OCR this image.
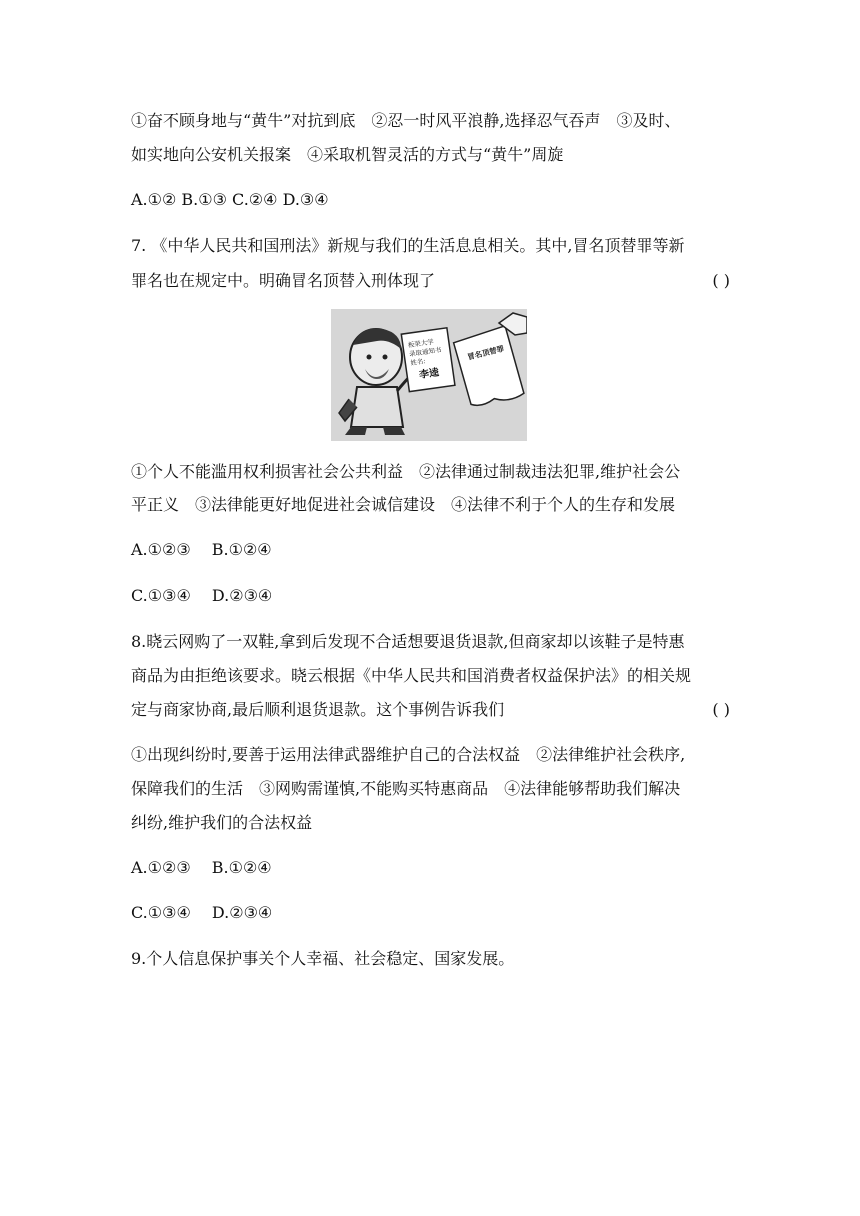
①奋不顾身地与“黄牛”对抗到底　②忍一时风平浪静,选择忍气吞声　③及时、
如实地向公安机关报案　④采取机智灵活的方式与“黄牛”周旋
A.①② B.①③ C.②④ D.③④
7. 《中华人民共和国刑法》新规与我们的生活息息相关。其中,冒名顶替罪等新
罪名也在规定中。明确冒名顶替入刑体现了	( )
板荣大学
录取通知书
姓名:
李逵
冒名顶替罪
①个人不能滥用权利损害社会公共利益　②法律通过制裁违法犯罪,维护社会公
平正义　③法律能更好地促进社会诚信建设　④法律不利于个人的生存和发展
A.①②③　 B.①②④
C.①③④　 D.②③④
8.晓云网购了一双鞋,拿到后发现不合适想要退货退款,但商家却以该鞋子是特惠
商品为由拒绝该要求。晓云根据《中华人民共和国消费者权益保护法》的相关规
定与商家协商,最后顺利退货退款。这个事例告诉我们	( )
①出现纠纷时,要善于运用法律武器维护自己的合法权益　②法律维护社会秩序,
保障我们的生活　③网购需谨慎,不能购买特惠商品　④法律能够帮助我们解决
纠纷,维护我们的合法权益
A.①②③　 B.①②④
C.①③④　 D.②③④
9.个人信息保护事关个人幸福、社会稳定、国家发展。
